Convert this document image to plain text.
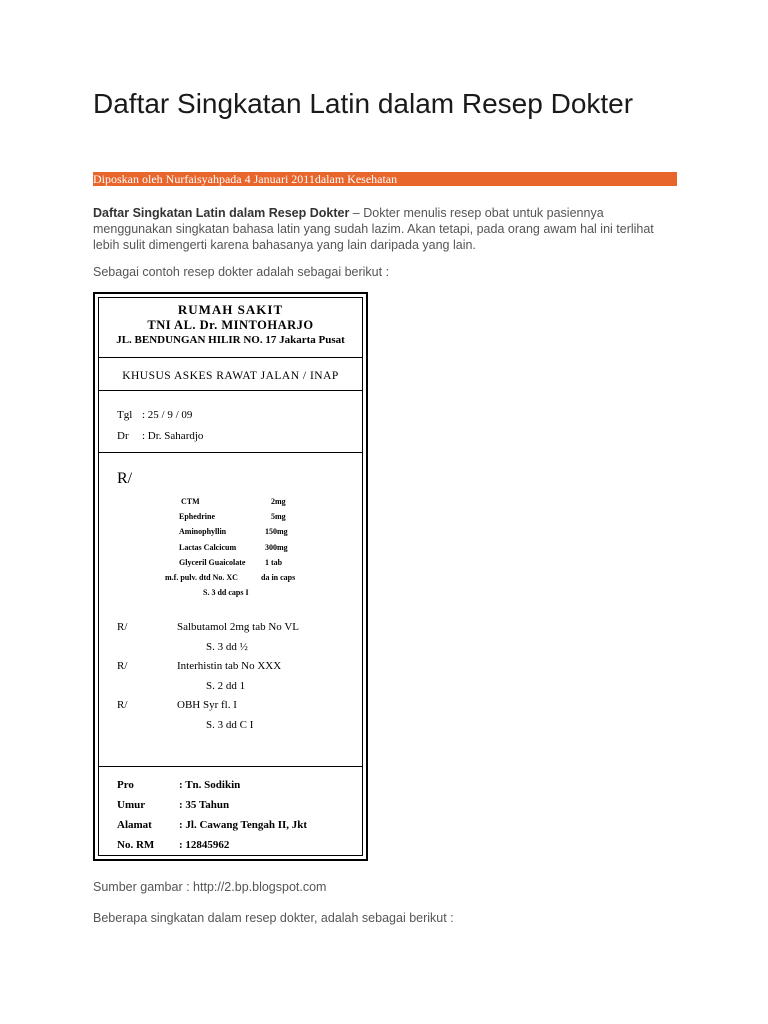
Daftar Singkatan Latin dalam Resep Dokter
Diposkan oleh Nurfaisyahpada 4 Januari 2011dalam Kesehatan

Daftar Singkatan Latin dalam Resep Dokter – Dokter menulis resep obat untuk pasiennya menggunakan singkatan bahasa latin yang sudah lazim. Akan tetapi, pada orang awam hal ini terlihat lebih sulit dimengerti karena bahasanya yang lain daripada yang lain.

Sebagai contoh resep dokter adalah sebagai berikut :

RUMAH SAKIT
TNI AL. Dr. MINTOHARJO
JL. BENDUNGAN HILIR NO. 17 Jakarta Pusat
KHUSUS ASKES RAWAT JALAN / INAP
Tgl : 25 / 9 / 09
Dr : Dr. Sahardjo
R/
CTM	2mg
Ephedrine	5mg
Aminophyllin	150mg
Lactas Calcicum	300mg
Glyceril Guaicolate 1 tab
m.f. pulv. dtd No. XC	da in caps
S. 3 dd caps I
R/	Salbutamol 2mg tab No VL
S. 3 dd ½
R/	Interhistin tab No XXX
S. 2 dd 1
R/	OBH Syr fl. I
S. 3 dd C I
Pro	: Tn. Sodikin
Umur	: 35 Tahun
Alamat : Jl. Cawang Tengah II, Jkt
No. RM : 12845962

Sumber gambar : http://2.bp.blogspot.com

Beberapa singkatan dalam resep dokter, adalah sebagai berikut :
